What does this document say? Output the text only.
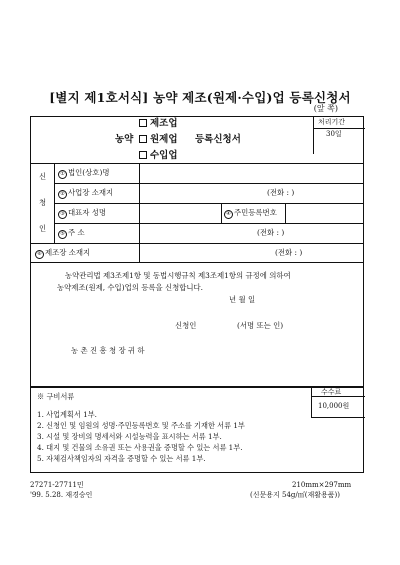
[별지 제1호서식] 농약 제조(원제·수입)업 등록신청서
(앞 쪽)
처리기간
30일
농약
제조업
원제업
수입업
등록신청서
신
청
인
① 법인(상호)명
② 사업장 소재지	(전화 : )
③ 대표자 성명	④ 주민등록번호
⑤ 주 소	(전화 : )
⑥ 제조장 소재지	(전화 : )
농약관리법 제3조제1항 및 동법시행규칙 제3조제1항의 규정에 의하여
농약제조(원제, 수입)업의 등록을 신청합니다.
년 월 일
신청인	(서명 또는 인)
농 촌 진 흥 청 장 귀 하
수수료
10,000원
※ 구비서류
1. 사업계획서 1부.
2. 신청인 및 임원의 성명·주민등록번호 및 주소를 기재한 서류 1부
3. 시설 및 장비의 명세서와 시설능력을 표시하는 서류 1부.
4. 대지 및 건물의 소유권 또는 사용권을 증명할 수 있는 서류 1부.
5. 자체검사책임자의 자격을 증명할 수 있는 서류 1부.
27271-27711민
'99. 5.28. 재경승인
210mm×297mm
(신문용지 54g/㎡(재활용품))
